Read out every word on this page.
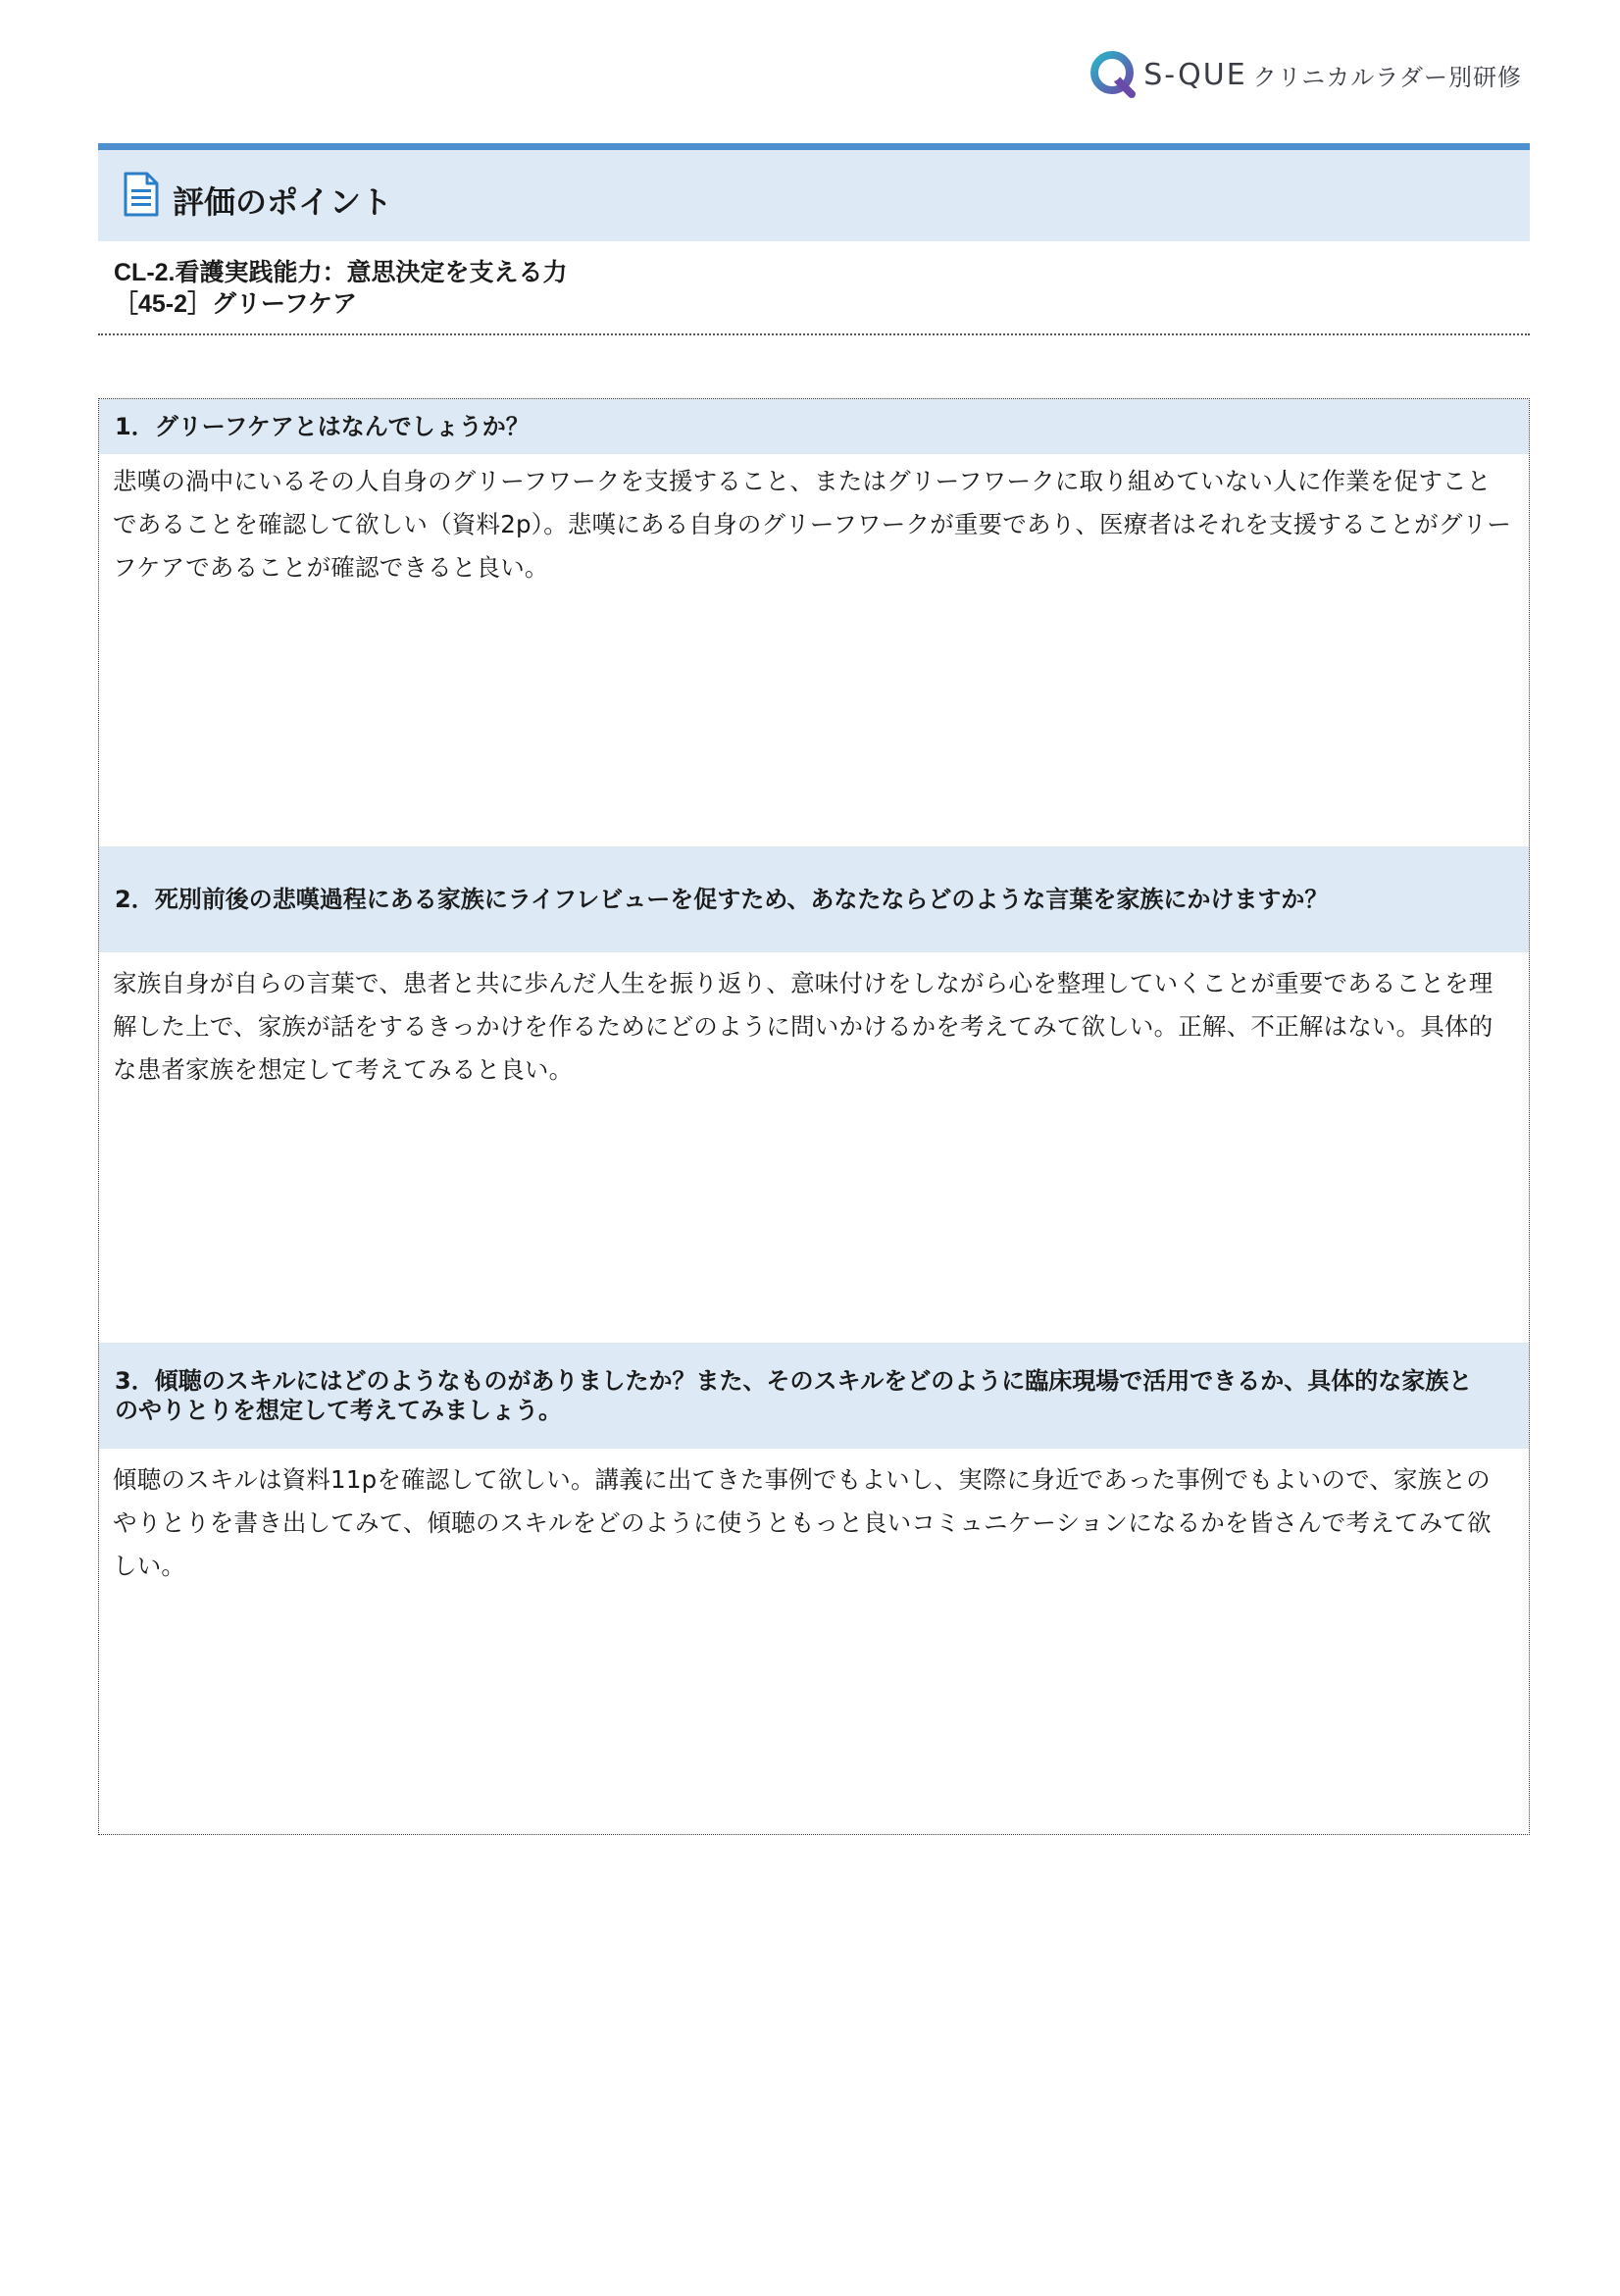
S-QUE クリニカルラダー別研修
評価のポイント
CL-2.看護実践能力：意思決定を支える力
［45-2］グリーフケア
1．グリーフケアとはなんでしょうか？
悲嘆の渦中にいるその人自身のグリーフワークを支援すること、またはグリーフワークに取り組めていない人に作業を促すことであることを確認して欲しい（資料2p）。悲嘆にある自身のグリーフワークが重要であり、医療者はそれを支援することがグリーフケアであることが確認できると良い。
2．死別前後の悲嘆過程にある家族にライフレビューを促すため、あなたならどのような言葉を家族にかけますか？
家族自身が自らの言葉で、患者と共に歩んだ人生を振り返り、意味付けをしながら心を整理していくことが重要であることを理解した上で、家族が話をするきっかけを作るためにどのように問いかけるかを考えてみて欲しい。正解、不正解はない。具体的な患者家族を想定して考えてみると良い。
3．傾聴のスキルにはどのようなものがありましたか？また、そのスキルをどのように臨床現場で活用できるか、具体的な家族とのやりとりを想定して考えてみましょう。
傾聴のスキルは資料11pを確認して欲しい。講義に出てきた事例でもよいし、実際に身近であった事例でもよいので、家族とのやりとりを書き出してみて、傾聴のスキルをどのように使うともっと良いコミュニケーションになるかを皆さんで考えてみて欲しい。
